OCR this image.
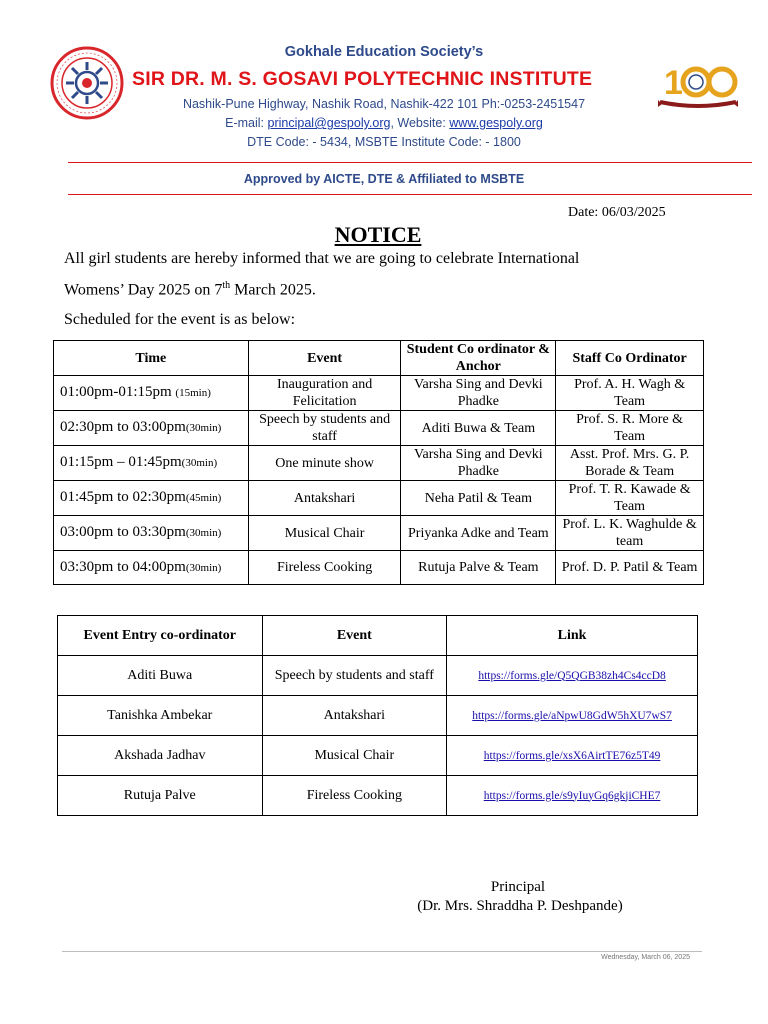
Gokhale Education Society’s
SIR DR. M. S. GOSAVI POLYTECHNIC INSTITUTE 1
Nashik-Pune Highway, Nashik Road, Nashik-422 101 Ph:-0253-2451547
E-mail: principal@gespoly.org, Website: www.gespoly.org
DTE Code: - 5434, MSBTE Institute Code: - 1800
Approved by AICTE, DTE & Affiliated to MSBTE
Date: 06/03/2025
NOTICE
All girl students are hereby informed that we are going to celebrate International
Womens’ Day 2025 on 7th March 2025.
Scheduled for the event is as below:
Time	Event	Student Co ordinator & Anchor	Staff Co Ordinator
01:00pm-01:15pm (15min)	Inauguration and Felicitation	Varsha Sing and Devki Phadke	Prof. A. H. Wagh & Team
02:30pm to 03:00pm(30min)	Speech by students and staff	Aditi Buwa & Team	Prof. S. R. More & Team
01:15pm – 01:45pm(30min)	One minute show	Varsha Sing and Devki Phadke	Asst. Prof. Mrs. G. P. Borade & Team
01:45pm to 02:30pm(45min)	Antakshari	Neha Patil & Team	Prof. T. R. Kawade & Team
03:00pm to 03:30pm(30min)	Musical Chair	Priyanka Adke and Team	Prof. L. K. Waghulde & team
03:30pm to 04:00pm(30min)	Fireless Cooking	Rutuja Palve & Team	Prof. D. P. Patil & Team
Event Entry co-ordinator	Event	Link
Aditi Buwa	Speech by students and staff	https://forms.gle/Q5QGB38zh4Cs4ccD8
Tanishka Ambekar	Antakshari	https://forms.gle/aNpwU8GdW5hXU7wS7
Akshada Jadhav	Musical Chair	https://forms.gle/xsX6AirtTE76z5T49
Rutuja Palve	Fireless Cooking	https://forms.gle/s9yIuyGq6gkjiCHE7
Principal
(Dr. Mrs. Shraddha P. Deshpande)
Wednesday, March 06, 2025
